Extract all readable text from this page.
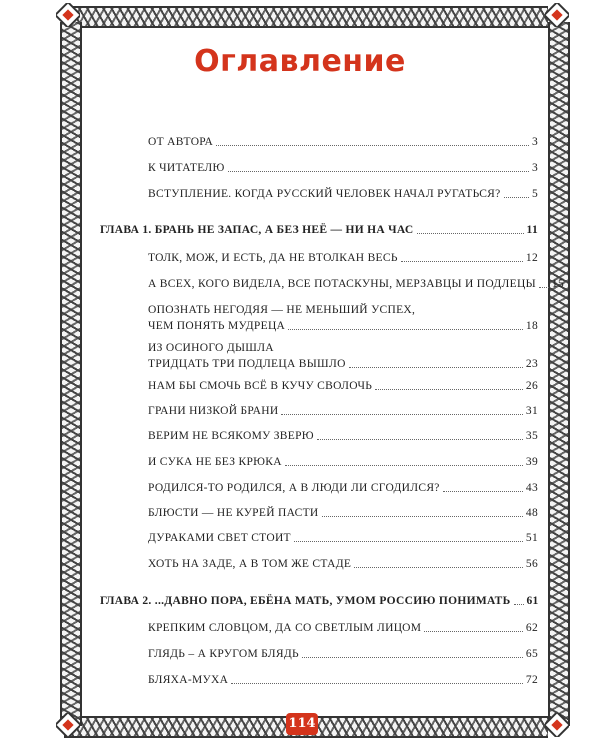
Оглавление
ОТ АВТОРА	3
К ЧИТАТЕЛЮ	3
ВСТУПЛЕНИЕ. КОГДА РУССКИЙ ЧЕЛОВЕК НАЧАЛ РУГАТЬСЯ?	5
ГЛАВА 1. БРАНЬ НЕ ЗАПАС, А БЕЗ НЕЁ — НИ НА ЧАС	11
ТОЛК, МОЖ, И ЕСТЬ, ДА НЕ ВТОЛКАН ВЕСЬ	12
А ВСЕХ, КОГО ВИДЕЛА, ВСЕ ПОТАСКУНЫ, МЕРЗАВЦЫ И ПОДЛЕЦЫ 15
ОПОЗНАТЬ НЕГОДЯЯ — НЕ МЕНЬШИЙ УСПЕХ,
ЧЕМ ПОНЯТЬ МУДРЕЦА	18
ИЗ ОСИНОГО ДЫШЛА
ТРИДЦАТЬ ТРИ ПОДЛЕЦА ВЫШЛО	23
НАМ БЫ СМОЧЬ ВСЁ В КУЧУ СВОЛОЧЬ	26
ГРАНИ НИЗКОЙ БРАНИ	31
ВЕРИМ НЕ ВСЯКОМУ ЗВЕРЮ	35
И СУКА НЕ БЕЗ КРЮКА	39
РОДИЛСЯ-ТО РОДИЛСЯ, А В ЛЮДИ ЛИ СГОДИЛСЯ?	43
БЛЮСТИ — НЕ КУРЕЙ ПАСТИ	48
ДУРАКАМИ СВЕТ СТОИТ	51
ХОТЬ НА ЗАДЕ, А В ТОМ ЖЕ СТАДЕ	56
ГЛАВА 2. ...ДАВНО ПОРА, ЕБЁНА МАТЬ, УМОМ РОССИЮ ПОНИМАТЬ 61
КРЕПКИМ СЛОВЦОМ, ДА СО СВЕТЛЫМ ЛИЦОМ	62
ГЛЯДЬ – А КРУГОМ БЛЯДЬ	65
БЛЯХА-МУХА	72
114
